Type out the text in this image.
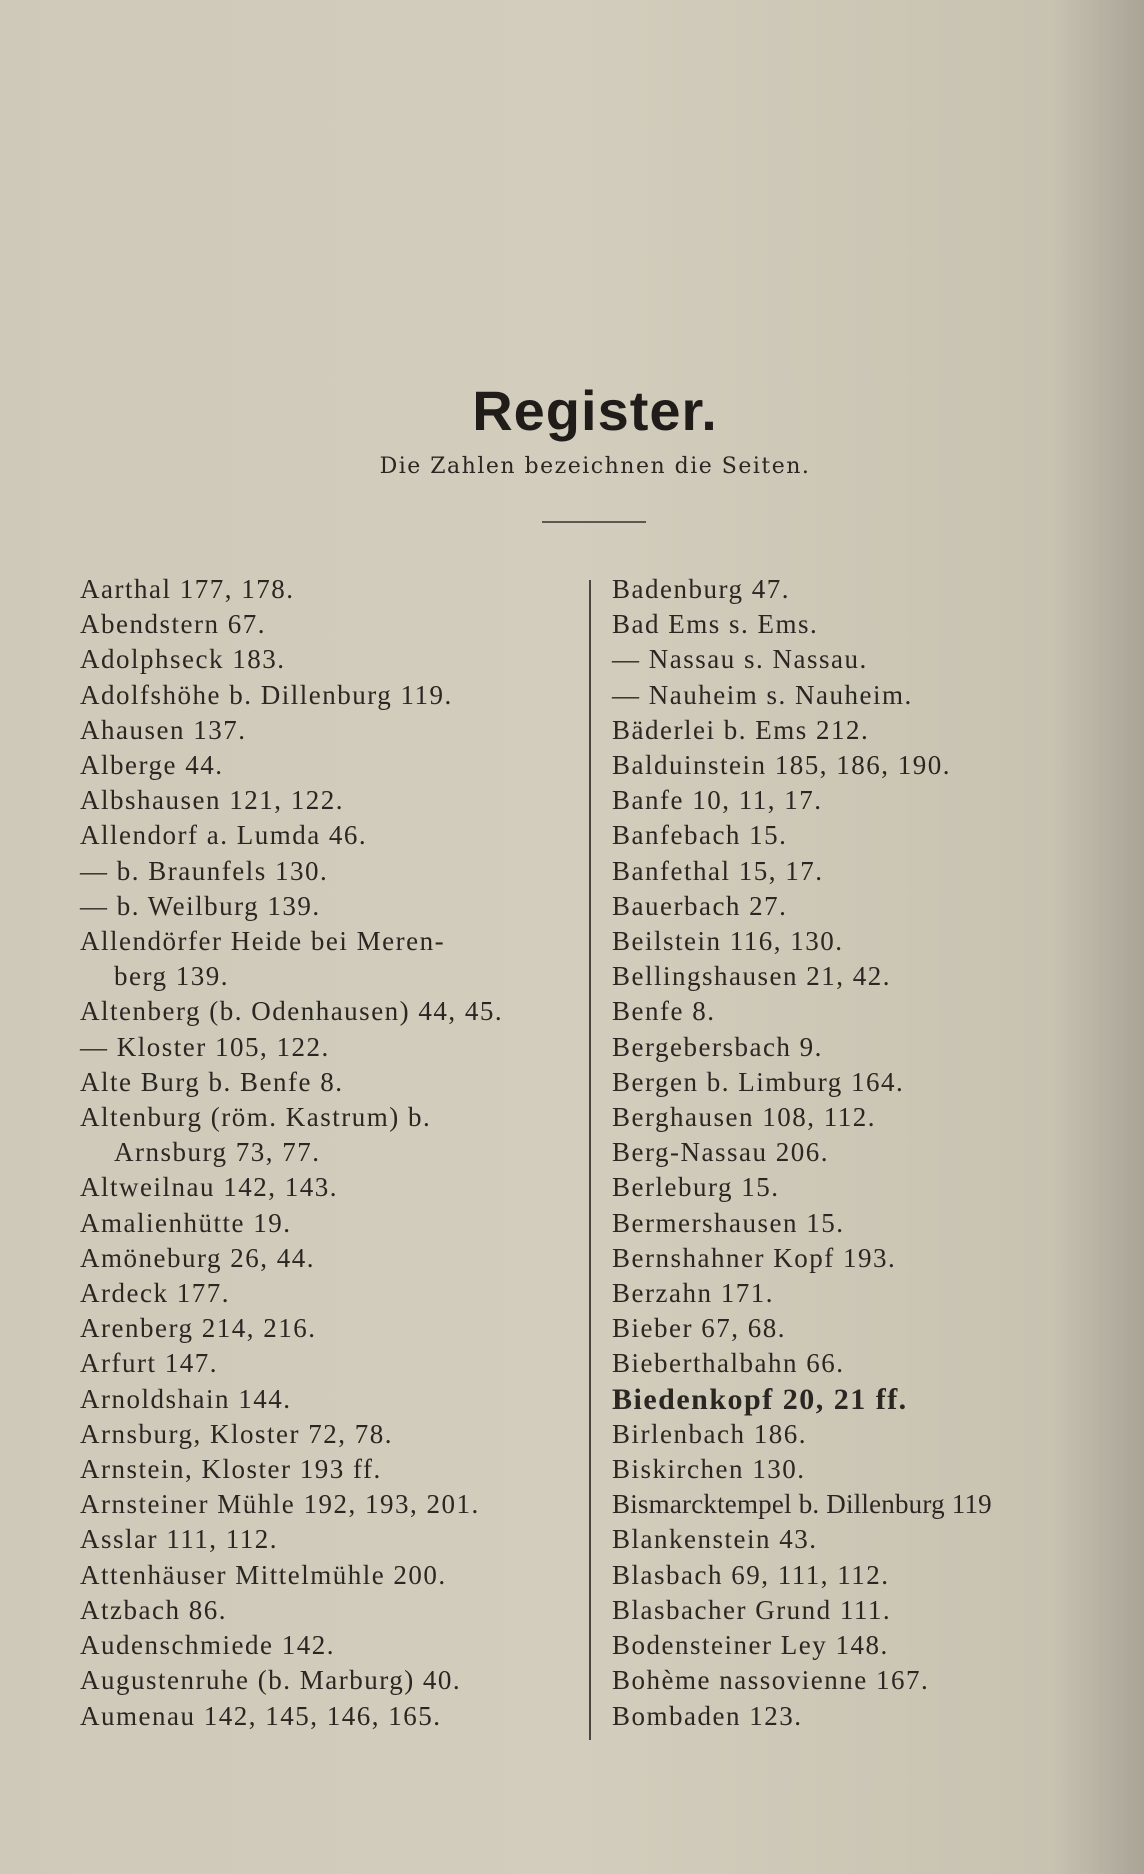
Register.
Die Zahlen bezeichnen die Seiten.
Aarthal 177, 178.
Abendstern 67.
Adolphseck 183.
Adolfshöhe b. Dillenburg 119.
Ahausen 137.
Alberge 44.
Albshausen 121, 122.
Allendorf a. Lumda 46.
— b. Braunfels 130.
— b. Weilburg 139.
Allendörfer Heide bei Meren-
berg 139.
Altenberg (b. Odenhausen) 44, 45.
— Kloster 105, 122.
Alte Burg b. Benfe 8.
Altenburg (röm. Kastrum) b.
Arnsburg 73, 77.
Altweilnau 142, 143.
Amalienhütte 19.
Amöneburg 26, 44.
Ardeck 177.
Arenberg 214, 216.
Arfurt 147.
Arnoldshain 144.
Arnsburg, Kloster 72, 78.
Arnstein, Kloster 193 ff.
Arnsteiner Mühle 192, 193, 201.
Asslar 111, 112.
Attenhäuser Mittelmühle 200.
Atzbach 86.
Audenschmiede 142.
Augustenruhe (b. Marburg) 40.
Aumenau 142, 145, 146, 165.
Badenburg 47.
Bad Ems s. Ems.
— Nassau s. Nassau.
— Nauheim s. Nauheim.
Bäderlei b. Ems 212.
Balduinstein 185, 186, 190.
Banfe 10, 11, 17.
Banfebach 15.
Banfethal 15, 17.
Bauerbach 27.
Beilstein 116, 130.
Bellingshausen 21, 42.
Benfe 8.
Bergebersbach 9.
Bergen b. Limburg 164.
Berghausen 108, 112.
Berg-Nassau 206.
Berleburg 15.
Bermershausen 15.
Bernshahner Kopf 193.
Berzahn 171.
Bieber 67, 68.
Bieberthalbahn 66.
Biedenkopf 20, 21 ff.
Birlenbach 186.
Biskirchen 130.
Bismarcktempel b. Dillenburg 119
Blankenstein 43.
Blasbach 69, 111, 112.
Blasbacher Grund 111.
Bodensteiner Ley 148.
Bohème nassovienne 167.
Bombaden 123.
